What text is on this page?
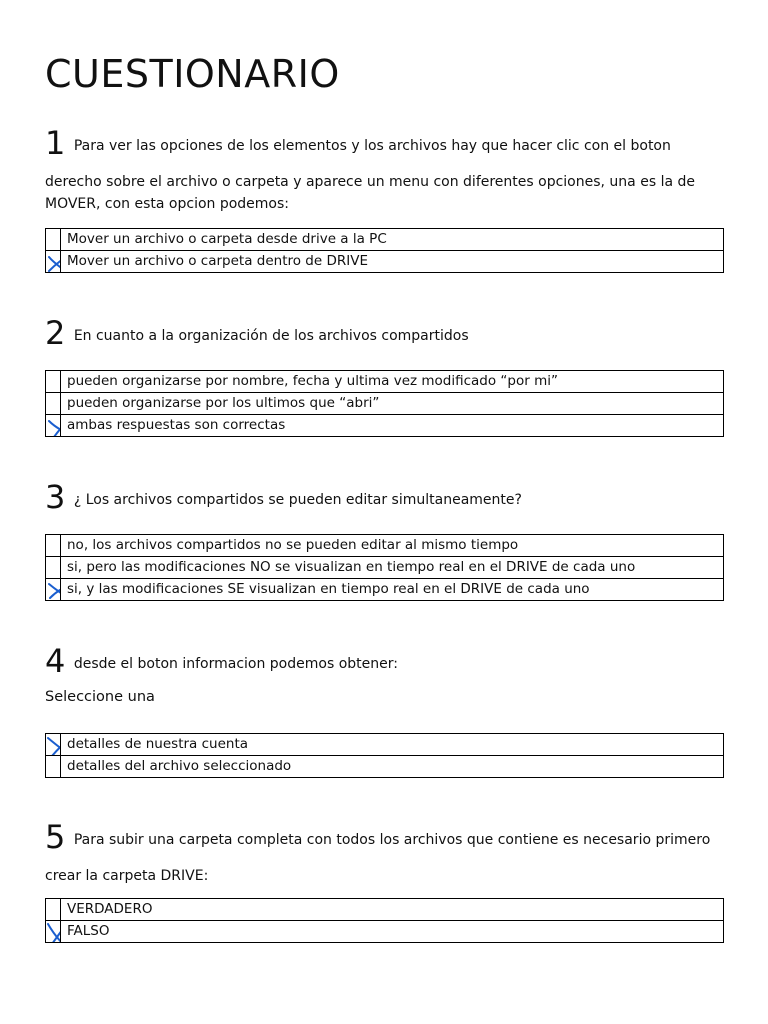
CUESTIONARIO
1 Para ver las opciones de los elementos y los archivos hay que hacer clic con el boton
derecho sobre el archivo o carpeta y aparece un menu con diferentes opciones, una es la de
MOVER, con esta opcion podemos:
	Mover un archivo o carpeta desde drive a la PC

	Mover un archivo o carpeta dentro de DRIVE
2 En cuanto a la organización de los archivos compartidos
	pueden organizarse por nombre, fecha y ultima vez modificado “por mi”
	pueden organizarse por los ultimos que “abri”

	ambas respuestas son correctas
3 ¿ Los archivos compartidos se pueden editar simultaneamente?
	no, los archivos compartidos no se pueden editar al mismo tiempo
	si, pero las modificaciones NO se visualizan en tiempo real en el DRIVE de cada uno

	si, y las modificaciones SE visualizan en tiempo real en el DRIVE de cada uno
4 desde el boton informacion podemos obtener:
Seleccione una
	detalles de nuestra cuenta
	detalles del archivo seleccionado
5 Para subir una carpeta completa con todos los archivos que contiene es necesario primero
crear la carpeta DRIVE:
	VERDADERO

	FALSO
